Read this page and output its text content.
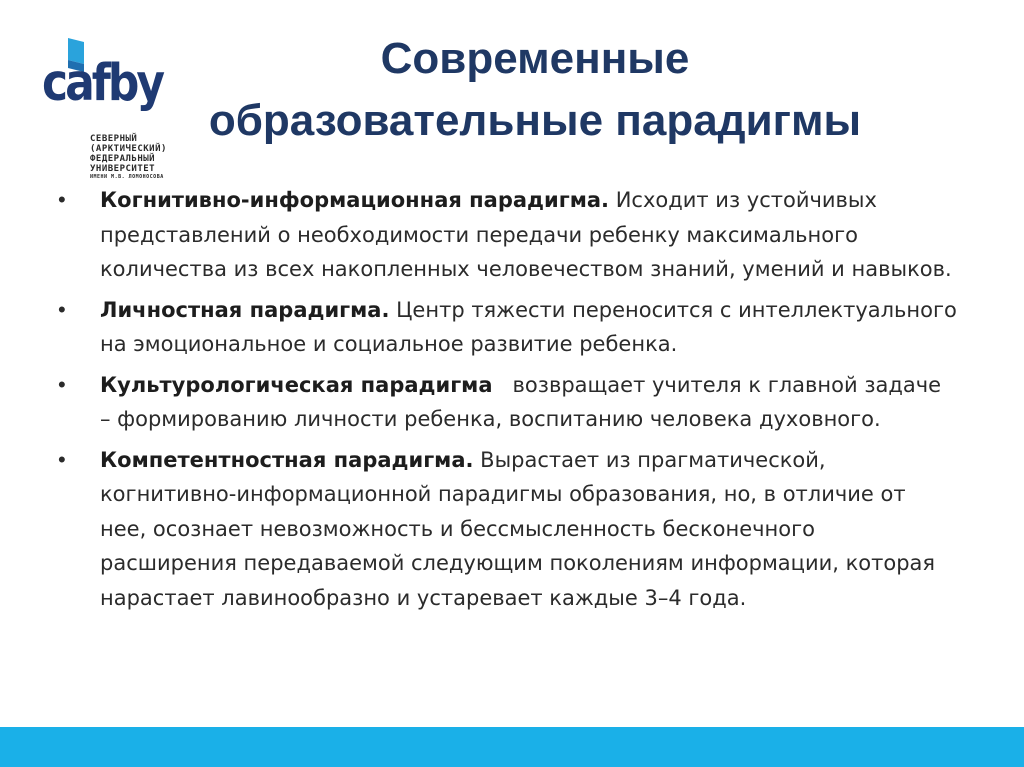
cafby
СЕВЕРНЫЙ
(АРКТИЧЕСКИЙ)
ФЕДЕРАЛЬНЫЙ
УНИВЕРСИТЕТ
ИМЕНИ М.В. ЛОМОНОСОВА
Современные
образовательные парадигмы
• Когнитивно-информационная парадигма. Исходит из устойчивых представлений о необходимости передачи ребенку максимального количества из всех накопленных человечеством знаний, умений и навыков.
• Личностная парадигма. Центр тяжести переносится с интеллектуального на эмоциональное и социальное развитие ребенка.
• Культурологическая парадигма   возвращает учителя к главной задаче – формированию личности ребенка, воспитанию человека духовного.
• Компетентностная парадигма. Вырастает из прагматической, когнитивно-информационной парадигмы образования, но, в отличие от нее, осознает невозможность и бессмысленность бесконечного расширения передаваемой следующим поколениям информации, которая нарастает лавинообразно и устаревает каждые 3–4 года.
